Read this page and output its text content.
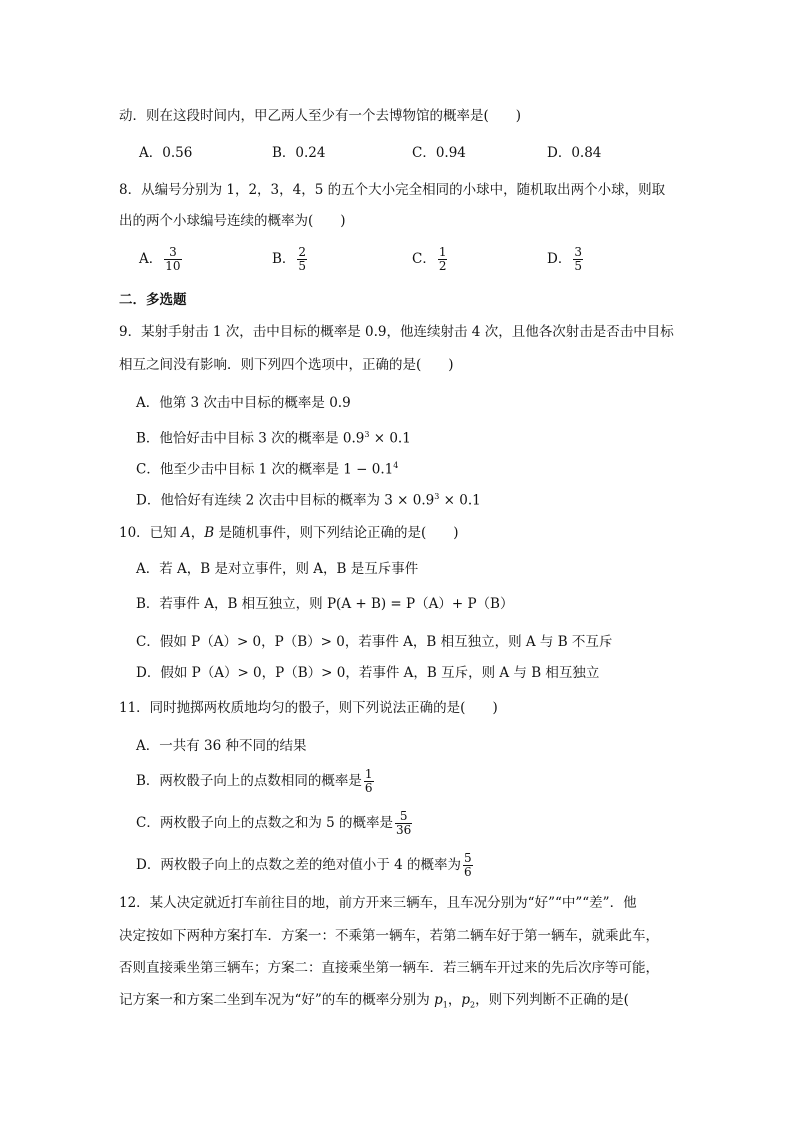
动．则在这段时间内，甲乙两人至少有一个去博物馆的概率是(　　)
A．0.56	B．0.24	C．0.94	D．0.84
8．从编号分别为 1，2，3，4，5 的五个大小完全相同的小球中，随机取出两个小球，则取
出的两个小球编号连续的概率为(　　)
A． $\frac{3}{10}$	B． $\frac{2}{5}$	C． $\frac{1}{2}$	D． $\frac{3}{5}$
二．多选题
9．某射手射击 1 次，击中目标的概率是 0.9，他连续射击 4 次，且他各次射击是否击中目标
相互之间没有影响．则下列四个选项中，正确的是(　　)
A．他第 3 次击中目标的概率是 0.9
B．他恰好击中目标 3 次的概率是 $0.9^3 \times 0.1$
C．他至少击中目标 1 次的概率是 $1 - 0.1^4$
D．他恰好有连续 2 次击中目标的概率为 $3 \times 0.9^3 \times 0.1$
10．已知 A，B 是随机事件，则下列结论正确的是(　　)
A．若 A，B 是对立事件，则 A，B 是互斥事件
B．若事件 A，B 相互独立，则 P(A + B) = P（A）+ P（B）
C．假如 P（A）> 0，P（B）> 0，若事件 A，B 相互独立，则 A 与 B 不互斥
D．假如 P（A）> 0，P（B）> 0，若事件 A，B 互斥，则 A 与 B 相互独立
11．同时抛掷两枚质地均匀的骰子，则下列说法正确的是(　　)
A．一共有 36 种不同的结果
B．两枚骰子向上的点数相同的概率是 $\frac{1}{6}$
C．两枚骰子向上的点数之和为 5 的概率是 $\frac{5}{36}$
D．两枚骰子向上的点数之差的绝对值小于 4 的概率为 $\frac{5}{6}$
12．某人决定就近打车前往目的地，前方开来三辆车，且车况分别为“好”“中”“差”．他
决定按如下两种方案打车．方案一：不乘第一辆车，若第二辆车好于第一辆车，就乘此车，
否则直接乘坐第三辆车；方案二：直接乘坐第一辆车．若三辆车开过来的先后次序等可能，
记方案一和方案二坐到车况为“好”的车的概率分别为 $p_1$，$p_2$，则下列判断不正确的是(
